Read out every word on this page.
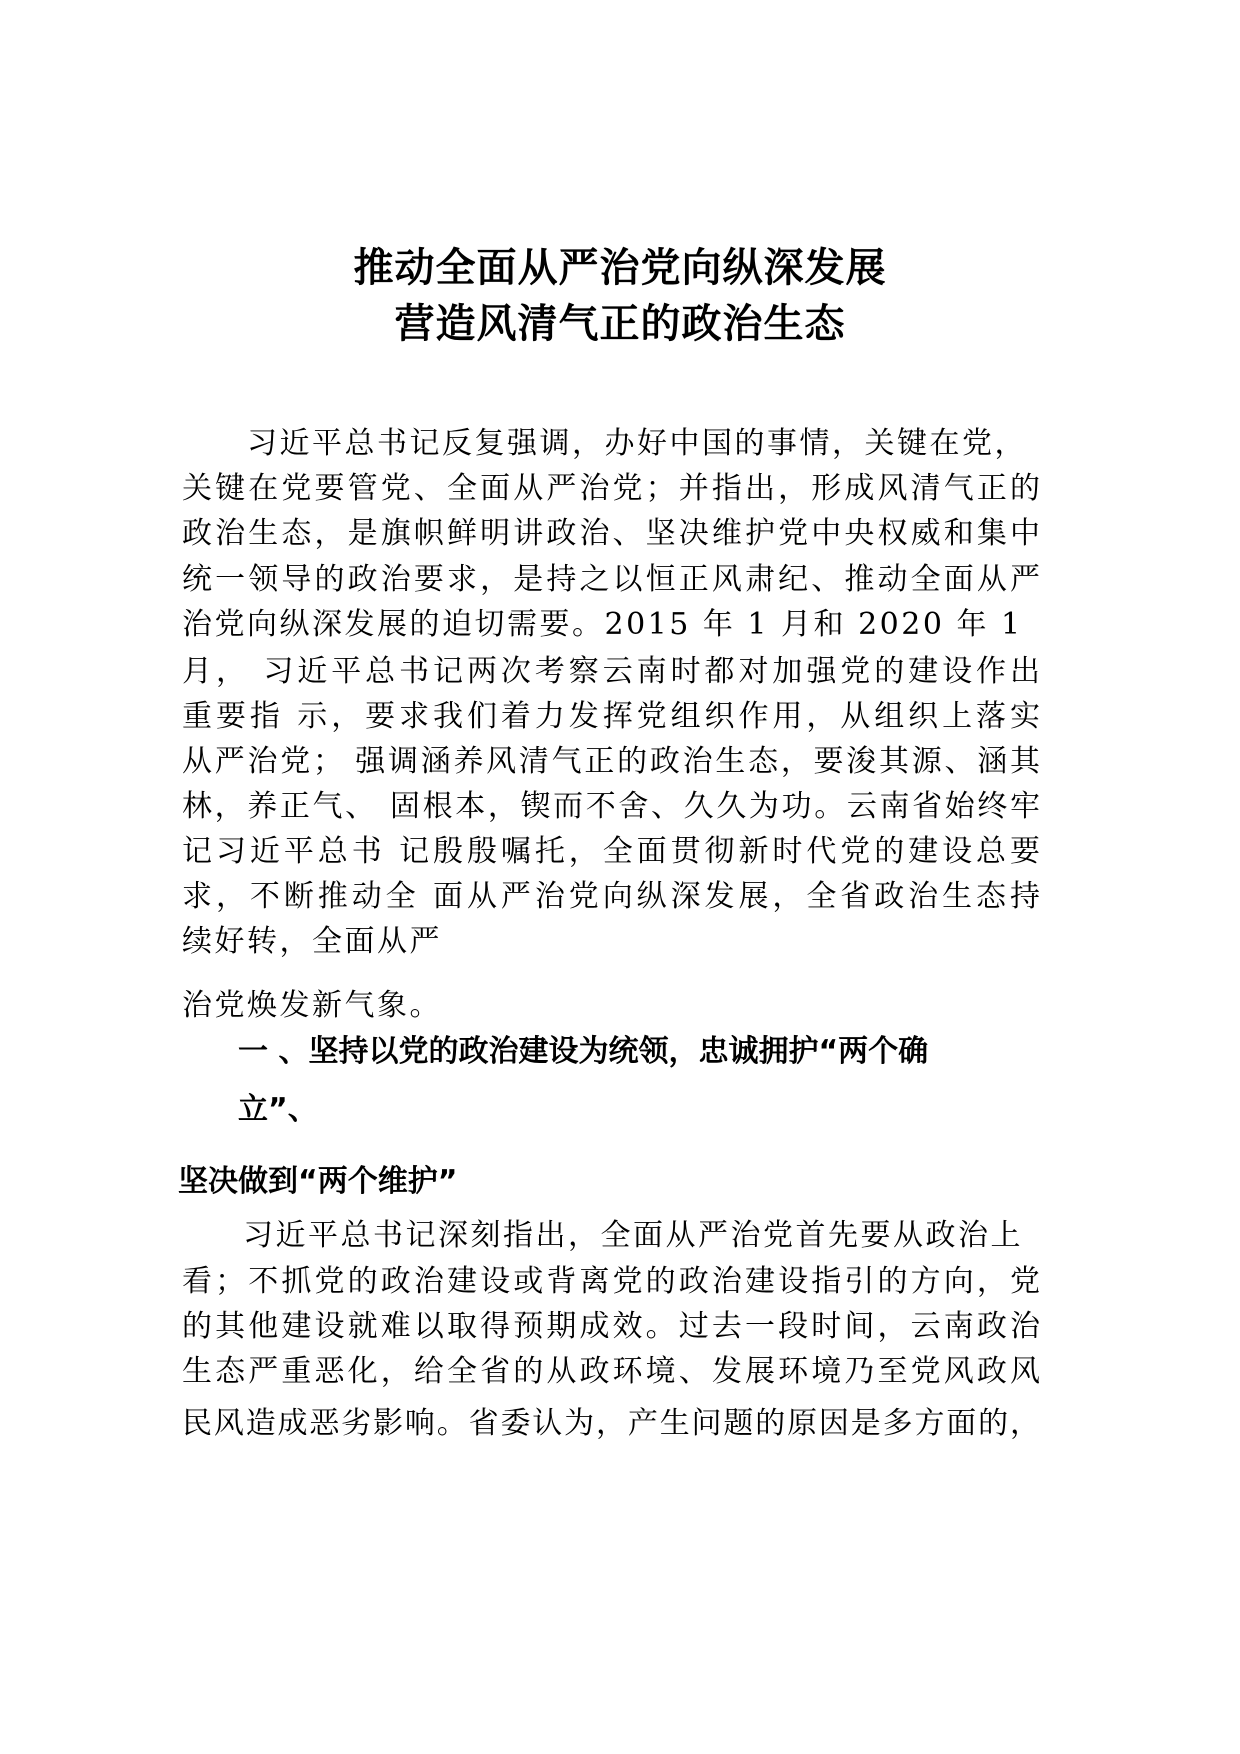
推动全面从严治党向纵深发展
营造风清气正的政治生态
习近平总书记反复强调，办好中国的事情，关键在党，
关键在党要管党、全面从严治党；并指出，形成风清气正的
政治生态，是旗帜鲜明讲政治、坚决维护党中央权威和集中
统一领导的政治要求，是持之以恒正风肃纪、推动全面从严
治党向纵深发展的迫切需要。2015 年 1 月和 2020 年 1
月， 习近平总书记两次考察云南时都对加强党的建设作出
重要指 示，要求我们着力发挥党组织作用，从组织上落实
从严治党； 强调涵养风清气正的政治生态，要浚其源、涵其
林，养正气、 固根本，锲而不舍、久久为功。云南省始终牢
记习近平总书 记殷殷嘱托，全面贯彻新时代党的建设总要
求，不断推动全 面从严治党向纵深发展，全省政治生态持
续好转，全面从严
治党焕发新气象。
一 、坚持以党的政治建设为统领，忠诚拥护“两个确
立”、
坚决做到“两个维护”
习近平总书记深刻指出，全面从严治党首先要从政治上
看；不抓党的政治建设或背离党的政治建设指引的方向，党
的其他建设就难以取得预期成效。过去一段时间，云南政治
生态严重恶化，给全省的从政环境、发展环境乃至党风政风
民风造成恶劣影响。省委认为，产生问题的原因是多方面的，
